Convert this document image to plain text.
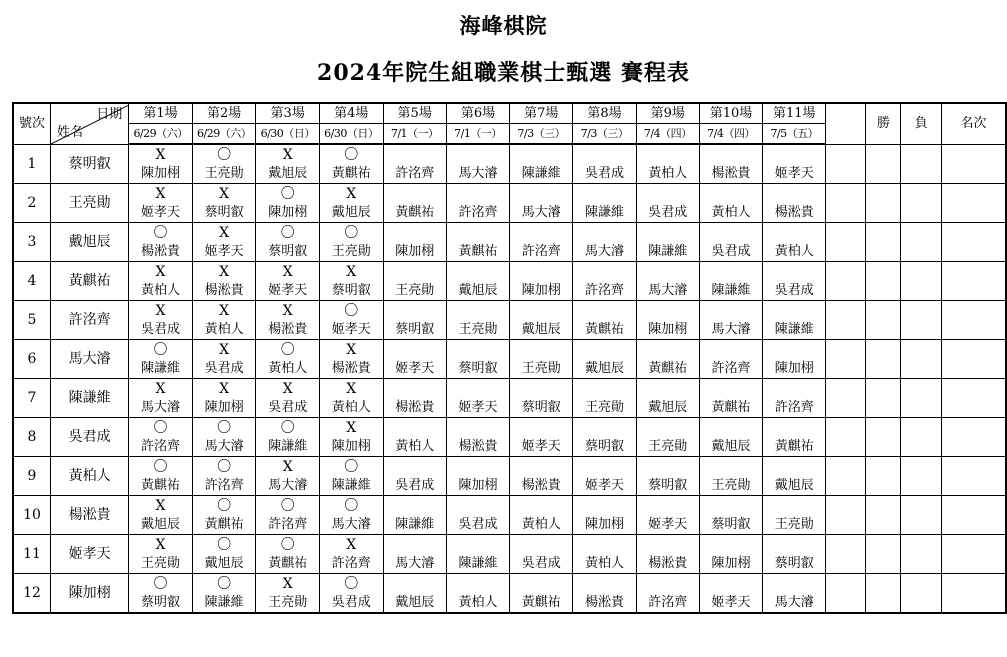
海峰棋院
2024年院生組職業棋士甄選 賽程表
號次	日期
姓名	第1場	第2場	第3場	第4場	第5場	第6場	第7場	第8場	第9場	第10場	第11場		勝	負	名次
		6/29（六）	6/29（六）	6/30（日）	6/30（日）	7/1（一）	7/1（一）	7/3（三）	7/3（三）	7/4（四）	7/4（四）	7/5（五）				
1	蔡明叡	X	〇	X	〇											
		陳加栩	王亮勛	戴旭辰	黃麒祐	許洺齊	馬大濬	陳謙維	吳君成	黃柏人	楊淞貴	姬孝天				
2	王亮勛	X	X	〇	X											
		姬孝天	蔡明叡	陳加栩	戴旭辰	黃麒祐	許洺齊	馬大濬	陳謙維	吳君成	黃柏人	楊淞貴				
3	戴旭辰	〇	X	〇	〇											
		楊淞貴	姬孝天	蔡明叡	王亮勛	陳加栩	黃麒祐	許洺齊	馬大濬	陳謙維	吳君成	黃柏人				
4	黃麒祐	X	X	X	X											
		黃柏人	楊淞貴	姬孝天	蔡明叡	王亮勛	戴旭辰	陳加栩	許洺齊	馬大濬	陳謙維	吳君成				
5	許洺齊	X	X	X	〇											
		吳君成	黃柏人	楊淞貴	姬孝天	蔡明叡	王亮勛	戴旭辰	黃麒祐	陳加栩	馬大濬	陳謙維				
6	馬大濬	〇	X	〇	X											
		陳謙維	吳君成	黃柏人	楊淞貴	姬孝天	蔡明叡	王亮勛	戴旭辰	黃麒祐	許洺齊	陳加栩				
7	陳謙維	X	X	X	X											
		馬大濬	陳加栩	吳君成	黃柏人	楊淞貴	姬孝天	蔡明叡	王亮勛	戴旭辰	黃麒祐	許洺齊				
8	吳君成	〇	〇	〇	X											
		許洺齊	馬大濬	陳謙維	陳加栩	黃柏人	楊淞貴	姬孝天	蔡明叡	王亮勛	戴旭辰	黃麒祐				
9	黃柏人	〇	〇	X	〇											
		黃麒祐	許洺齊	馬大濬	陳謙維	吳君成	陳加栩	楊淞貴	姬孝天	蔡明叡	王亮勛	戴旭辰				
10	楊淞貴	X	〇	〇	〇											
		戴旭辰	黃麒祐	許洺齊	馬大濬	陳謙維	吳君成	黃柏人	陳加栩	姬孝天	蔡明叡	王亮勛				
11	姬孝天	X	〇	〇	X											
		王亮勛	戴旭辰	黃麒祐	許洺齊	馬大濬	陳謙維	吳君成	黃柏人	楊淞貴	陳加栩	蔡明叡				
12	陳加栩	〇	〇	X	〇											
		蔡明叡	陳謙維	王亮勛	吳君成	戴旭辰	黃柏人	黃麒祐	楊淞貴	許洺齊	姬孝天	馬大濬				
